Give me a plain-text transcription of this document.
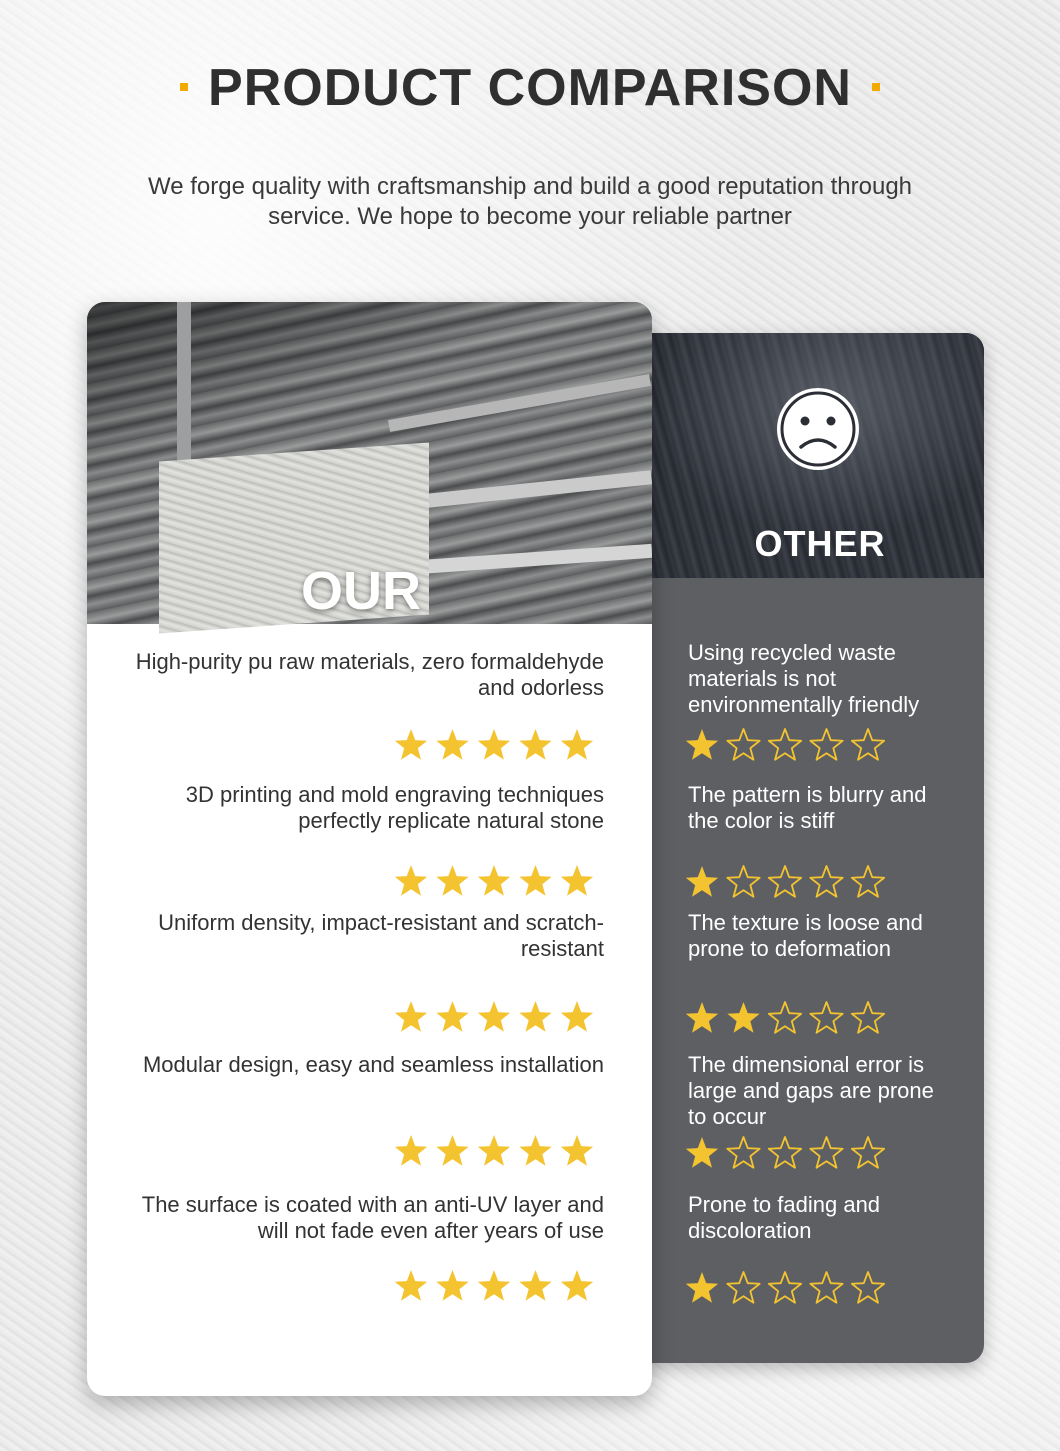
PRODUCT COMPARISON
We forge quality with craftsmanship and build a good reputation through service. We hope to become your reliable partner
OTHER
Using recycled waste materials is not environmentally friendly
The pattern is blurry and the color is stiff
The texture is loose and prone to deformation
The dimensional error is large and gaps are prone to occur
Prone to fading and discoloration
OUR
High-purity pu raw materials, zero formaldehyde and odorless
3D printing and mold engraving techniques perfectly replicate natural stone
Uniform density, impact-resistant and scratch-resistant
Modular design, easy and seamless installation
The surface is coated with an anti-UV layer and will not fade even after years of use
